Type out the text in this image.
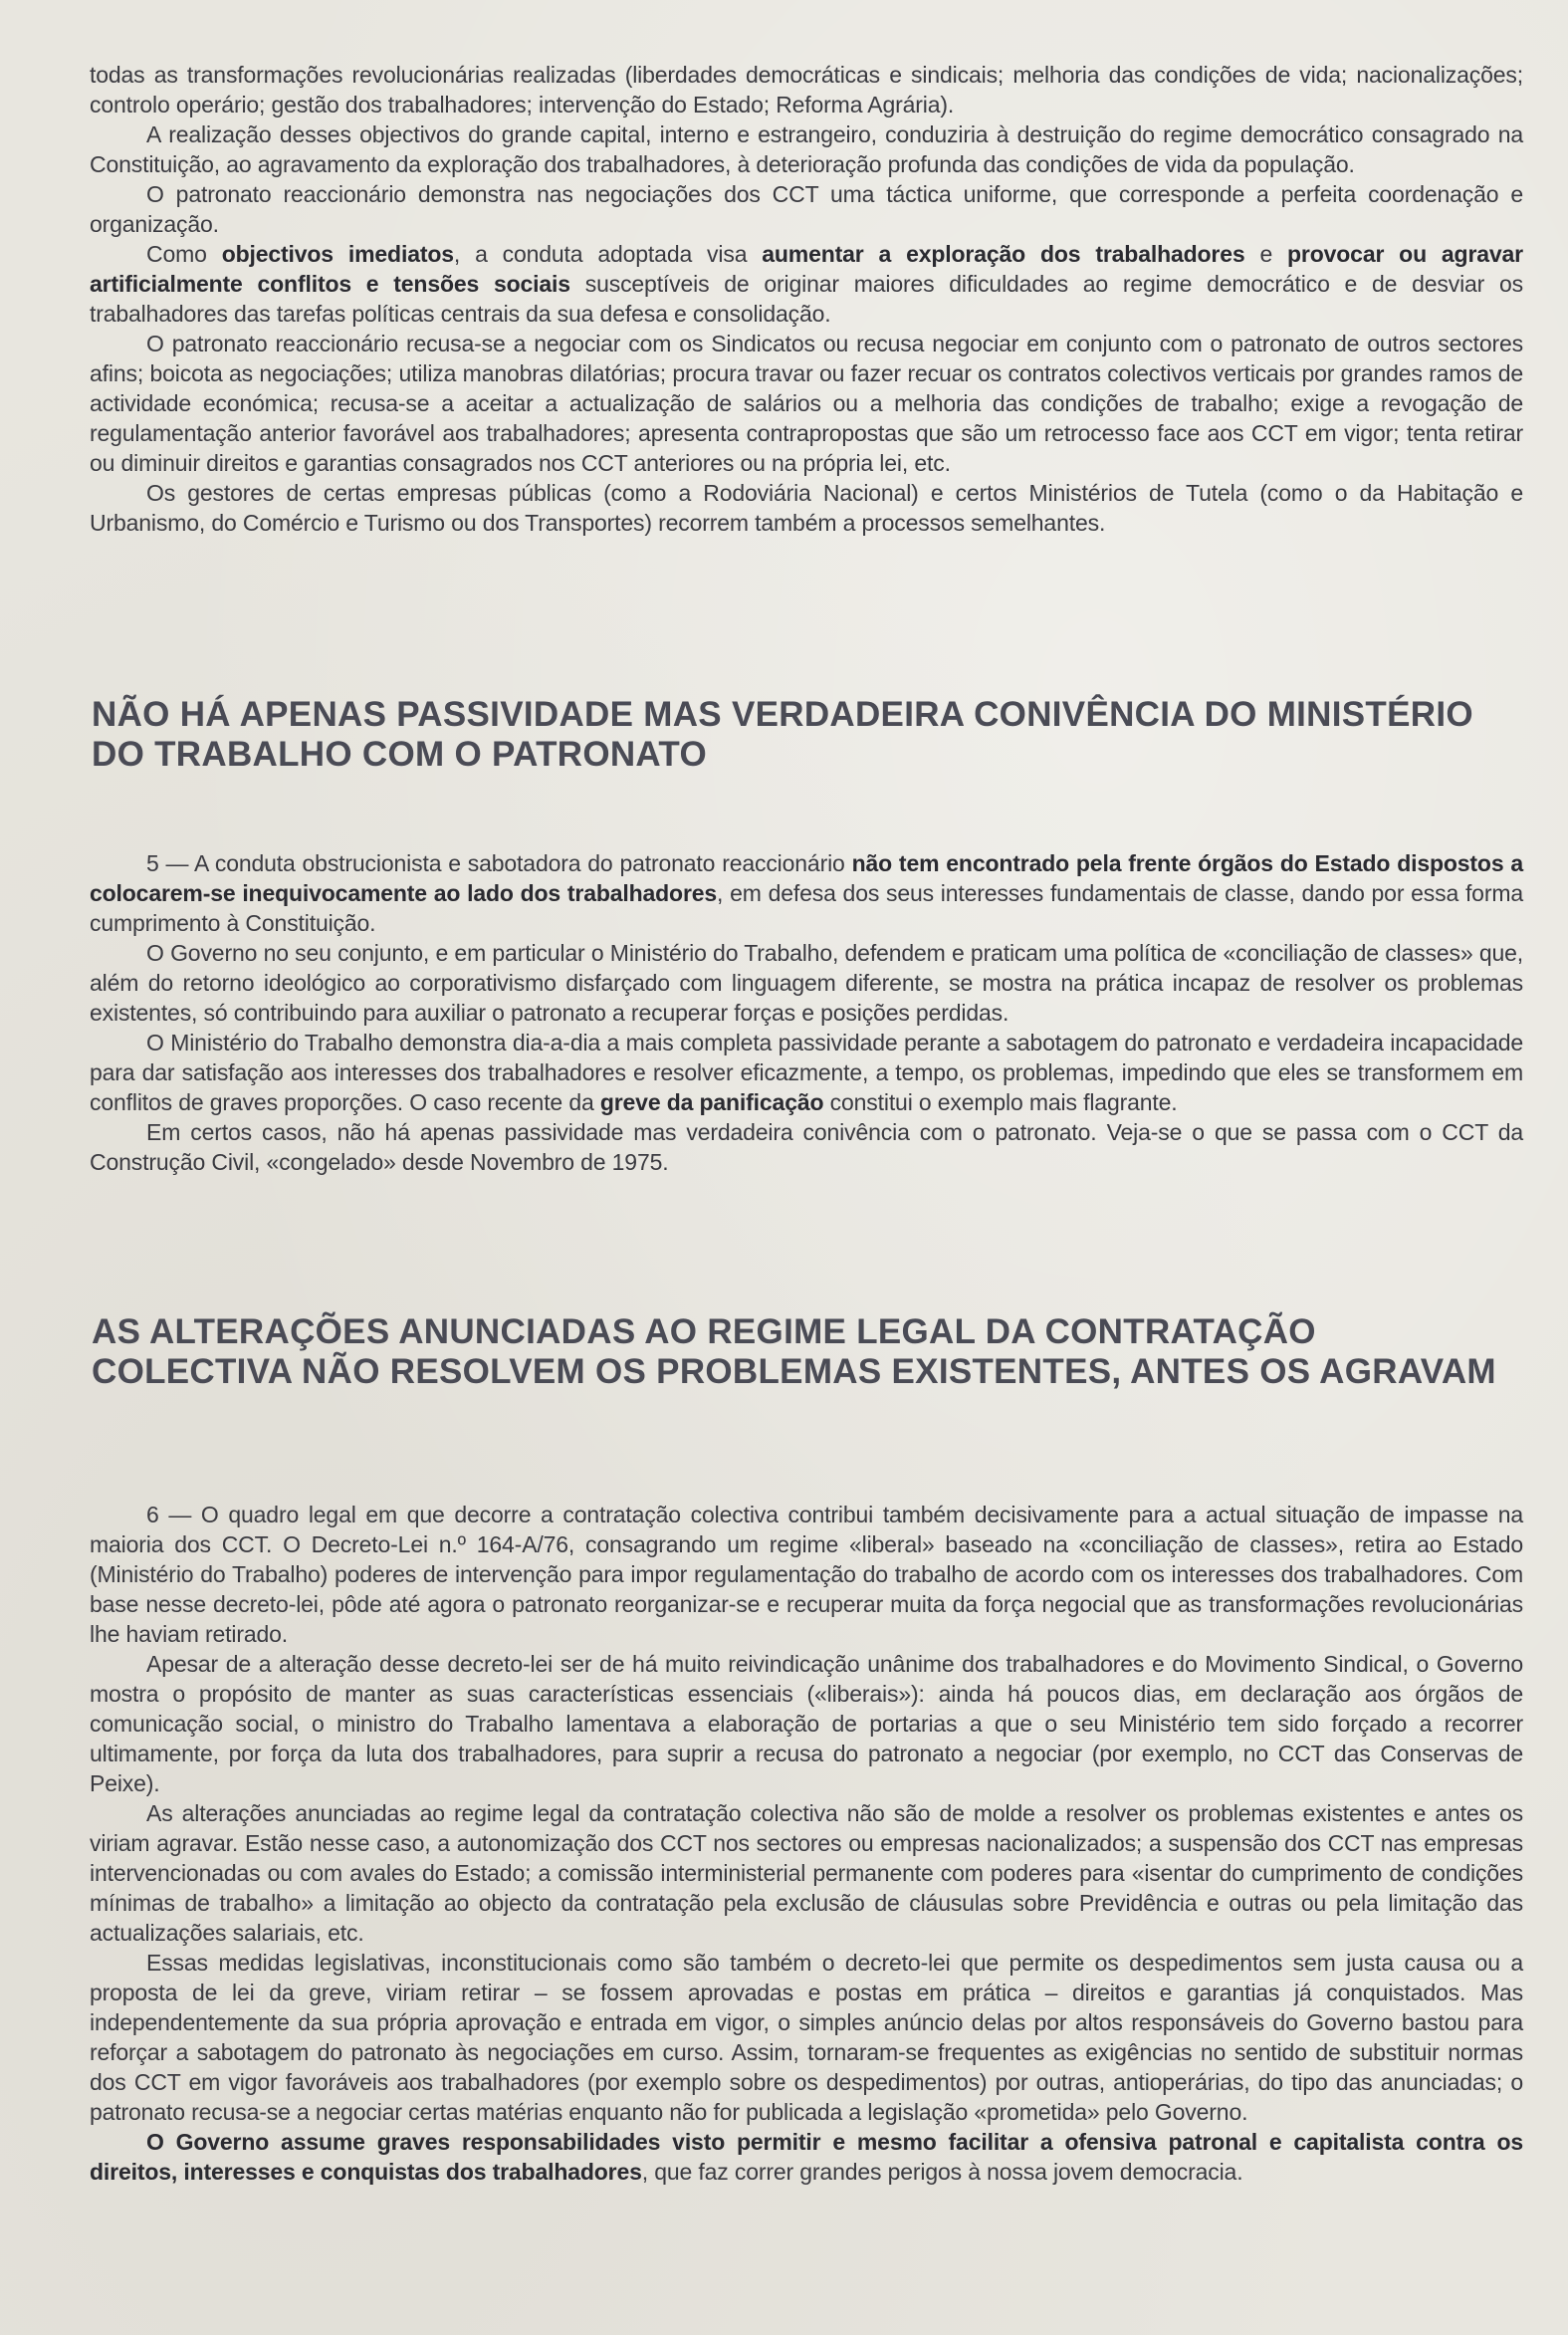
todas as transformações revolucionárias realizadas (liberdades democráticas e sindicais; melhoria das condições de vida; nacionalizações; controlo operário; gestão dos trabalhadores; intervenção do Estado; Reforma Agrária).

A realização desses objectivos do grande capital, interno e estrangeiro, conduziria à destruição do regime democrático consagrado na Constituição, ao agravamento da exploração dos trabalhadores, à deterioração profunda das condições de vida da população.

O patronato reaccionário demonstra nas negociações dos CCT uma táctica uniforme, que corresponde a perfeita coordenação e organização.

Como objectivos imediatos, a conduta adoptada visa aumentar a exploração dos trabalhadores e provocar ou agravar artificialmente conflitos e tensões sociais susceptíveis de originar maiores dificuldades ao regime democrático e de desviar os trabalhadores das tarefas políticas centrais da sua defesa e consolidação.

O patronato reaccionário recusa-se a negociar com os Sindicatos ou recusa negociar em conjunto com o patronato de outros sectores afins; boicota as negociações; utiliza manobras dilatórias; procura travar ou fazer recuar os contratos colectivos verticais por grandes ramos de actividade económica; recusa-se a aceitar a actualização de salários ou a melhoria das condições de trabalho; exige a revogação de regulamentação anterior favorável aos trabalhadores; apresenta contrapropostas que são um retrocesso face aos CCT em vigor; tenta retirar ou diminuir direitos e garantias consagrados nos CCT anteriores ou na própria lei, etc.

Os gestores de certas empresas públicas (como a Rodoviária Nacional) e certos Ministérios de Tutela (como o da Habitação e Urbanismo, do Comércio e Turismo ou dos Transportes) recorrem também a processos semelhantes.

NÃO HÁ APENAS PASSIVIDADE MAS VERDADEIRA CONIVÊNCIA DO MINISTÉRIO DO TRABALHO COM O PATRONATO

5 — A conduta obstrucionista e sabotadora do patronato reaccionário não tem encontrado pela frente órgãos do Estado dispostos a colocarem-se inequivocamente ao lado dos trabalhadores, em defesa dos seus interesses fundamentais de classe, dando por essa forma cumprimento à Constituição.

O Governo no seu conjunto, e em particular o Ministério do Trabalho, defendem e praticam uma política de «conciliação de classes» que, além do retorno ideológico ao corporativismo disfarçado com linguagem diferente, se mostra na prática incapaz de resolver os problemas existentes, só contribuindo para auxiliar o patronato a recuperar forças e posições perdidas.

O Ministério do Trabalho demonstra dia-a-dia a mais completa passividade perante a sabotagem do patronato e verdadeira incapacidade para dar satisfação aos interesses dos trabalhadores e resolver eficazmente, a tempo, os problemas, impedindo que eles se transformem em conflitos de graves proporções. O caso recente da greve da panificação constitui o exemplo mais flagrante.

Em certos casos, não há apenas passividade mas verdadeira conivência com o patronato. Veja-se o que se passa com o CCT da Construção Civil, «congelado» desde Novembro de 1975.

AS ALTERAÇÕES ANUNCIADAS AO REGIME LEGAL DA CONTRATAÇÃO COLECTIVA NÃO RESOLVEM OS PROBLEMAS EXISTENTES, ANTES OS AGRAVAM

6 — O quadro legal em que decorre a contratação colectiva contribui também decisivamente para a actual situação de impasse na maioria dos CCT. O Decreto-Lei n.º 164-A/76, consagrando um regime «liberal» baseado na «conciliação de classes», retira ao Estado (Ministério do Trabalho) poderes de intervenção para impor regulamentação do trabalho de acordo com os interesses dos trabalhadores. Com base nesse decreto-lei, pôde até agora o patronato reorganizar-se e recuperar muita da força negocial que as transformações revolucionárias lhe haviam retirado.

Apesar de a alteração desse decreto-lei ser de há muito reivindicação unânime dos trabalhadores e do Movimento Sindical, o Governo mostra o propósito de manter as suas características essenciais («liberais»): ainda há poucos dias, em declaração aos órgãos de comunicação social, o ministro do Trabalho lamentava a elaboração de portarias a que o seu Ministério tem sido forçado a recorrer ultimamente, por força da luta dos trabalhadores, para suprir a recusa do patronato a negociar (por exemplo, no CCT das Conservas de Peixe).

As alterações anunciadas ao regime legal da contratação colectiva não são de molde a resolver os problemas existentes e antes os viriam agravar. Estão nesse caso, a autonomização dos CCT nos sectores ou empresas nacionalizados; a suspensão dos CCT nas empresas intervencionadas ou com avales do Estado; a comissão interministerial permanente com poderes para «isentar do cumprimento de condições mínimas de trabalho» a limitação ao objecto da contratação pela exclusão de cláusulas sobre Previdência e outras ou pela limitação das actualizações salariais, etc.

Essas medidas legislativas, inconstitucionais como são também o decreto-lei que permite os despedimentos sem justa causa ou a proposta de lei da greve, viriam retirar – se fossem aprovadas e postas em prática – direitos e garantias já conquistados. Mas independentemente da sua própria aprovação e entrada em vigor, o simples anúncio delas por altos responsáveis do Governo bastou para reforçar a sabotagem do patronato às negociações em curso. Assim, tornaram-se frequentes as exigências no sentido de substituir normas dos CCT em vigor favoráveis aos trabalhadores (por exemplo sobre os despedimentos) por outras, antioperárias, do tipo das anunciadas; o patronato recusa-se a negociar certas matérias enquanto não for publicada a legislação «prometida» pelo Governo.

O Governo assume graves responsabilidades visto permitir e mesmo facilitar a ofensiva patronal e capitalista contra os direitos, interesses e conquistas dos trabalhadores, que faz correr grandes perigos à nossa jovem democracia.
